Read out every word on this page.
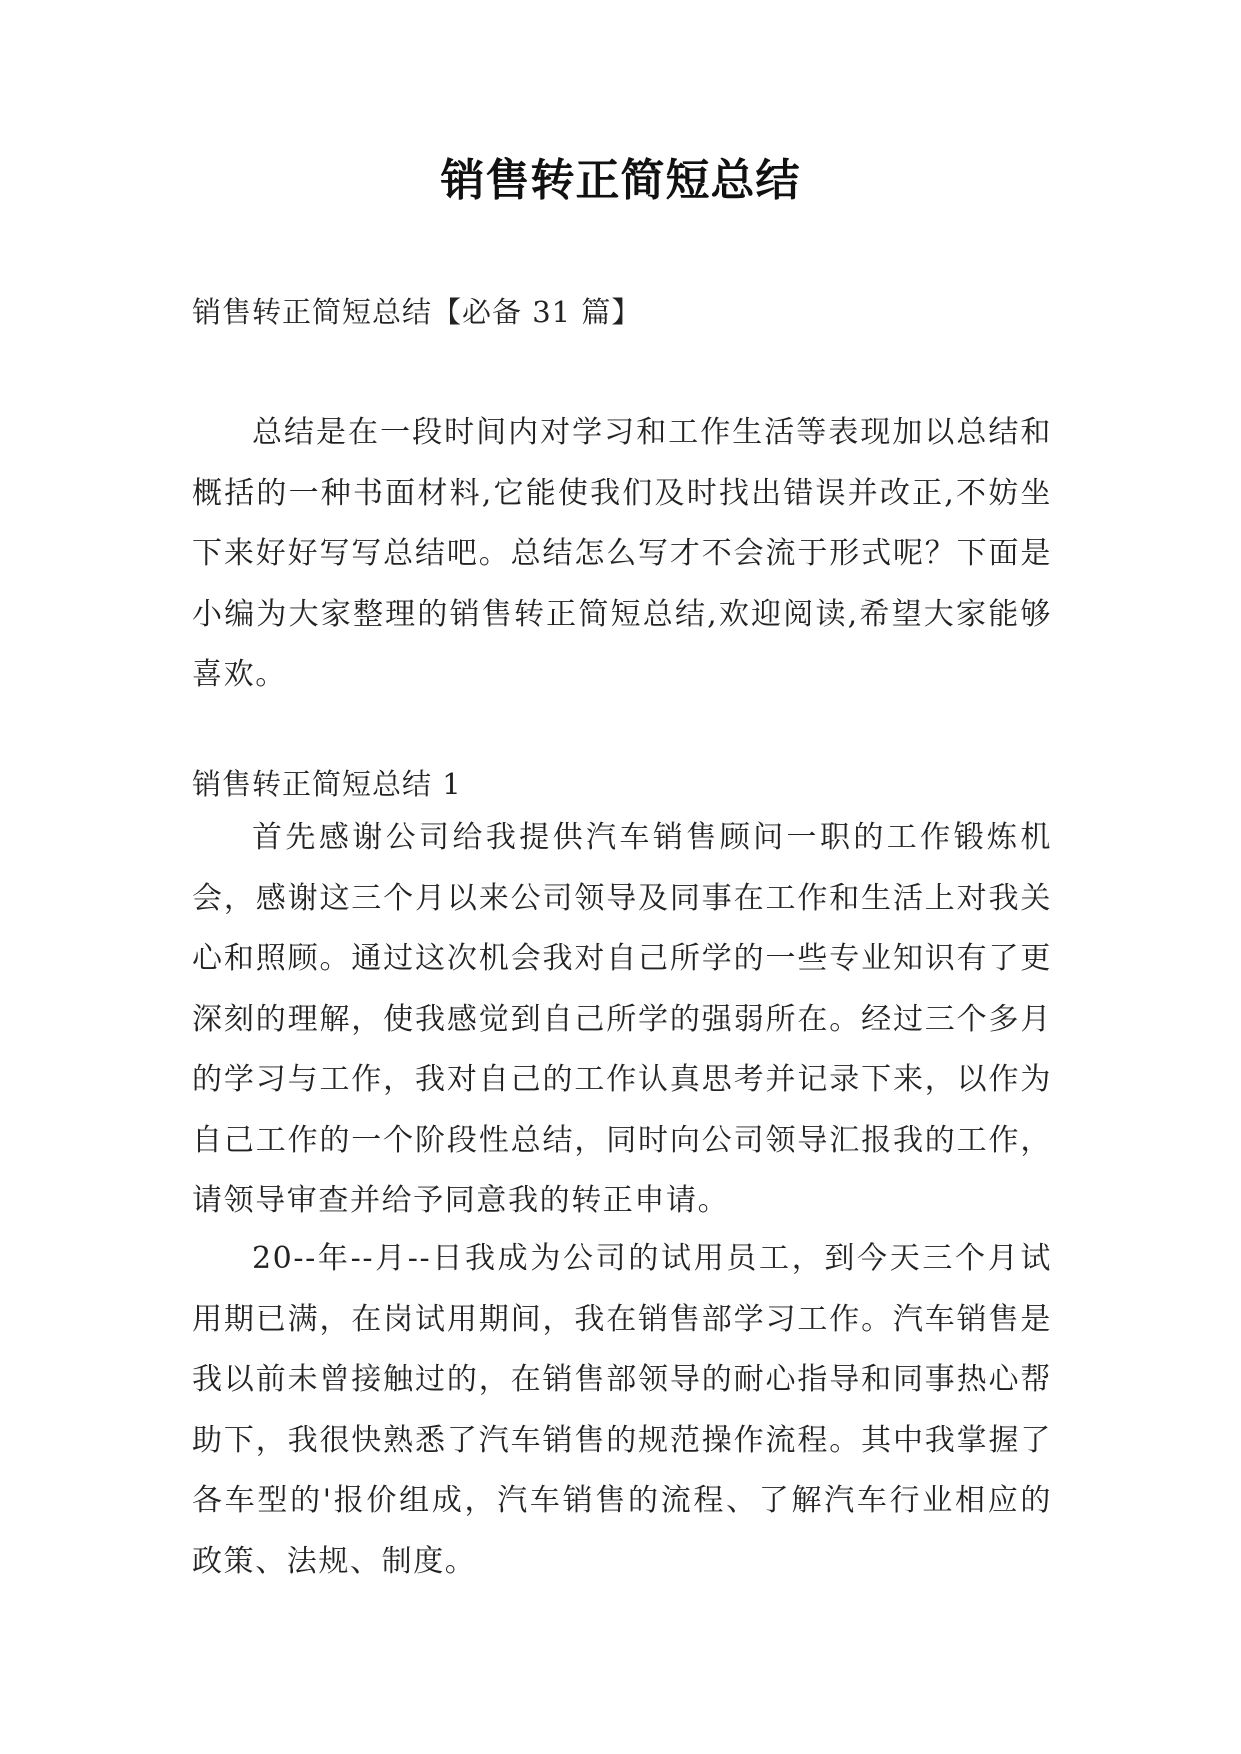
销售转正简短总结
销售转正简短总结【必备 31 篇】

总结是在一段时间内对学习和工作生活等表现加以总结和概括的一种书面材料,它能使我们及时找出错误并改正,不妨坐下来好好写写总结吧。总结怎么写才不会流于形式呢？下面是小编为大家整理的销售转正简短总结,欢迎阅读,希望大家能够喜欢。

销售转正简短总结 1

首先感谢公司给我提供汽车销售顾问一职的工作锻炼机会，感谢这三个月以来公司领导及同事在工作和生活上对我关心和照顾。通过这次机会我对自己所学的一些专业知识有了更深刻的理解，使我感觉到自己所学的强弱所在。经过三个多月的学习与工作，我对自己的工作认真思考并记录下来，以作为自己工作的一个阶段性总结，同时向公司领导汇报我的工作，请领导审查并给予同意我的转正申请。

20--年--月--日我成为公司的试用员工，到今天三个月试用期已满，在岗试用期间，我在销售部学习工作。汽车销售是我以前未曾接触过的，在销售部领导的耐心指导和同事热心帮助下，我很快熟悉了汽车销售的规范操作流程。其中我掌握了各车型的'报价组成，汽车销售的流程、了解汽车行业相应的政策、法规、制度。
